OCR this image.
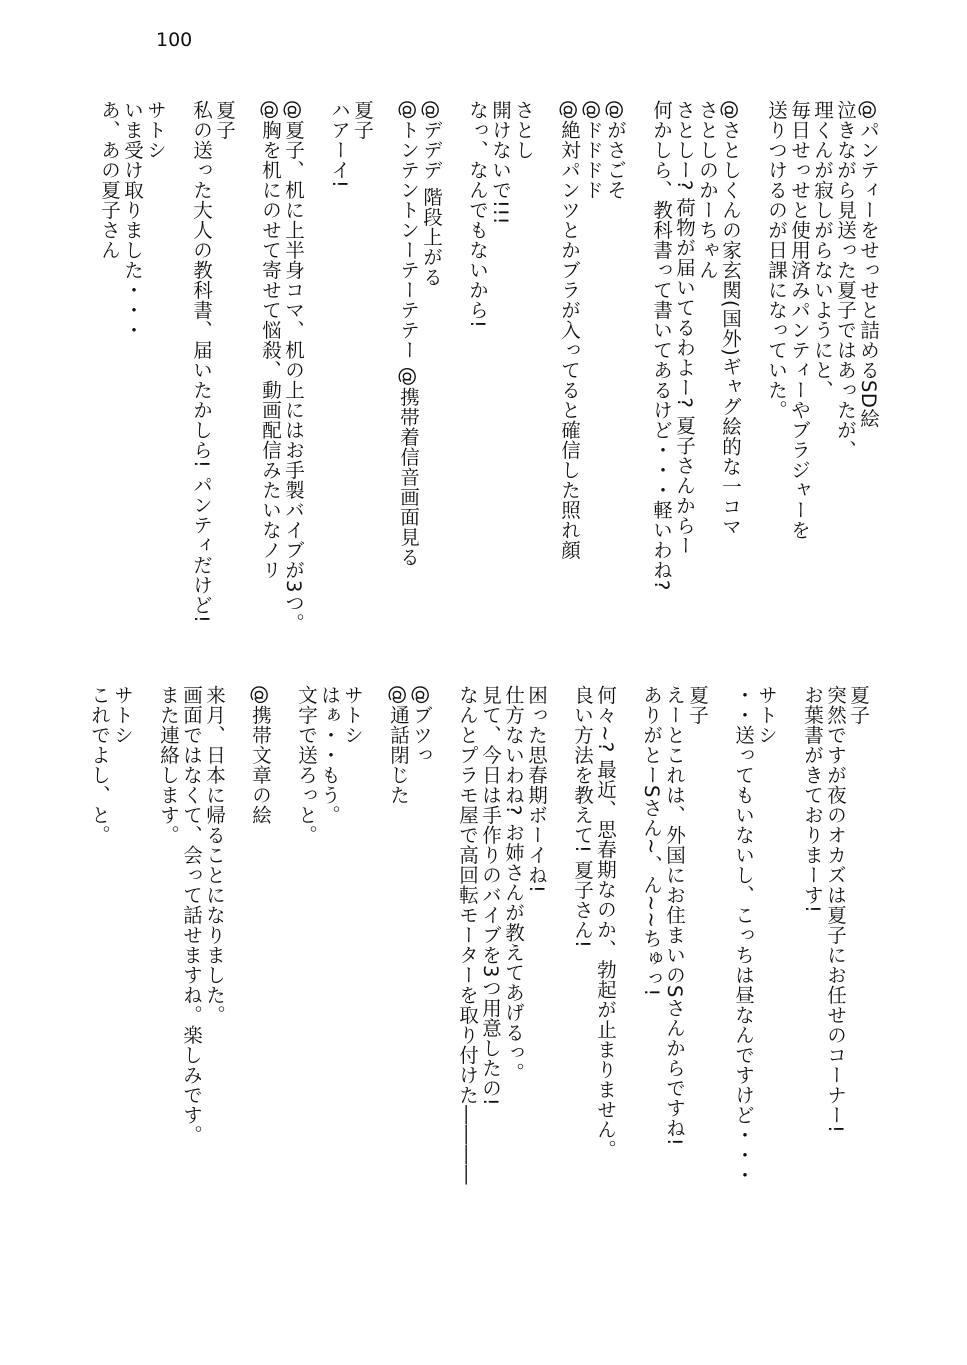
100
@パンティーをせっせと詰めるSD絵
泣きながら見送った夏子ではあったが、
理くんが寂しがらないようにと、
毎日せっせと使用済みパンティーやブラジャーを
送りつけるのが日課になっていた。

@さとしくんの家玄関(国外)ギャグ絵的な一コマ
さとしのかーちゃん
さとしー? 荷物が届いてるわよー? 夏子さんからー
何かしら、教科書って書いてあるけど・・・軽いわね?

@がさごそ
@ドドドド
@絶対パンツとかブラが入ってると確信した照れ顔

さとし
開けないで!!!
なっ、なんでもないから!

@デデデ 階段上がる
@トンテントンーテーテテー @携帯着信音画面見る

夏子
ハアーイ!

@夏子、机に上半身コマ、机の上にはお手製バイブが3つ。
@胸を机にのせて寄せて悩殺、動画配信みたいなノリ

夏子
私の送った大人の教科書、届いたかしら! パンティだけど!

サトシ
いま受け取りました・・・
あ、あの夏子さん
夏子
突然ですが夜のオカズは夏子にお任せのコーナー!
お葉書がきておりまーす!

サトシ
・・送ってもいないし、こっちは昼なんですけど・・・

夏子
えーとこれは、外国にお住まいのSさんからですね!
ありがとーSさん~、ん~~ちゅっ!

何々~? 最近、思春期なのか、勃起が止まりません。
良い方法を教えて! 夏子さん!

困った思春期ボーイね!
仕方ないわね? お姉さんが教えてあげるっ。
見て、今日は手作りのバイブを3つ用意したの!
なんとプラモ屋で高回転モーターを取り付けた――――

@ブツっ
@通話閉じた

サトシ
はぁ・・もう。
文字で送ろっと。

@携帯文章の絵

来月、日本に帰ることになりました。
画面ではなくて、会って話せますね。楽しみです。
また連絡します。

サトシ
これでよし、と。
